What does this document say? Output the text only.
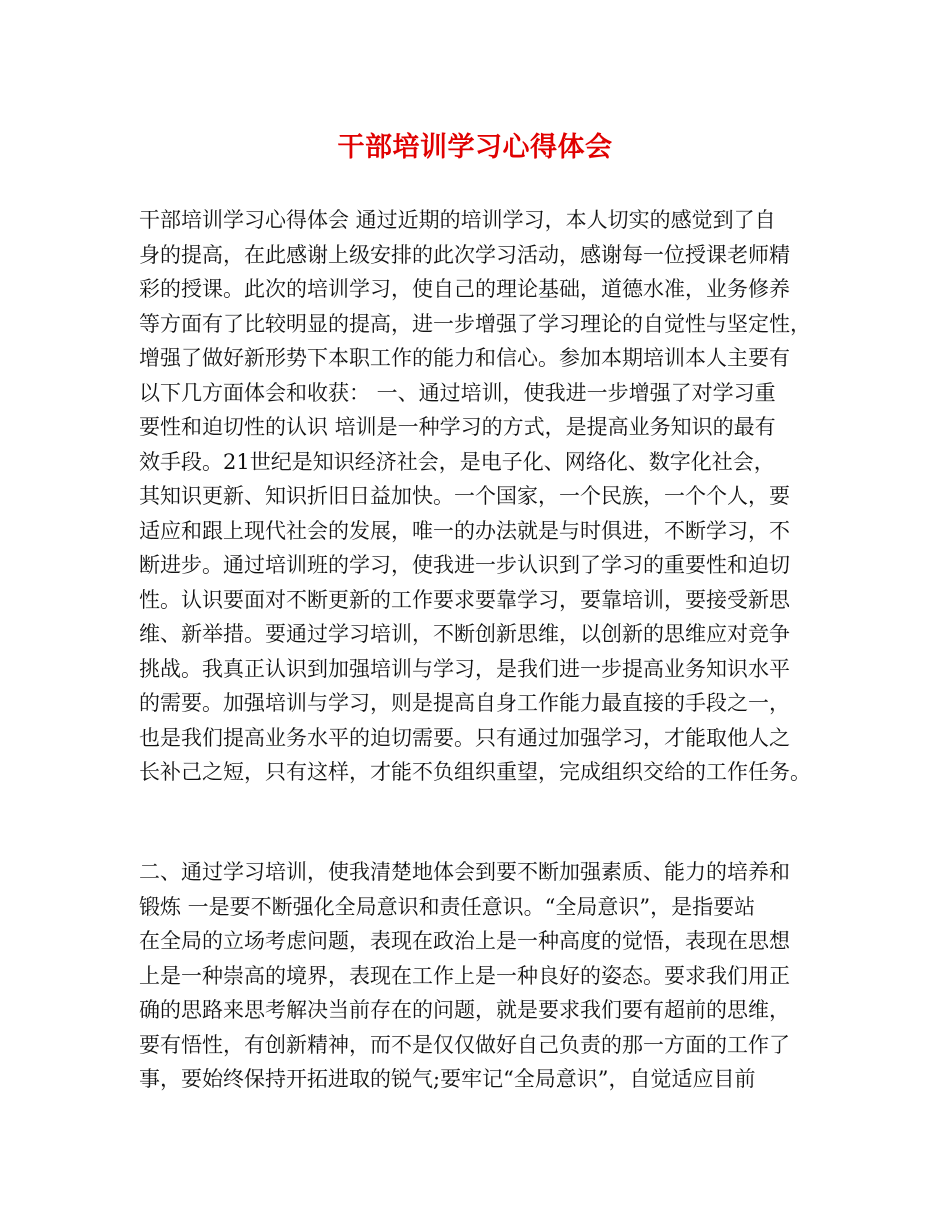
干部培训学习心得体会
干部培训学习心得体会 通过近期的培训学习，本人切实的感觉到了自
身的提高，在此感谢上级安排的此次学习活动，感谢每一位授课老师精
彩的授课。此次的培训学习，使自己的理论基础，道德水准，业务修养
等方面有了比较明显的提高，进一步增强了学习理论的自觉性与坚定性，
增强了做好新形势下本职工作的能力和信心。参加本期培训本人主要有
以下几方面体会和收获： 一、通过培训，使我进一步增强了对学习重
要性和迫切性的认识 培训是一种学习的方式，是提高业务知识的最有
效手段。21世纪是知识经济社会，是电子化、网络化、数字化社会，
其知识更新、知识折旧日益加快。一个国家，一个民族，一个个人，要
适应和跟上现代社会的发展，唯一的办法就是与时俱进，不断学习，不
断进步。通过培训班的学习，使我进一步认识到了学习的重要性和迫切
性。认识要面对不断更新的工作要求要靠学习，要靠培训，要接受新思
维、新举措。要通过学习培训，不断创新思维，以创新的思维应对竞争
挑战。我真正认识到加强培训与学习，是我们进一步提高业务知识水平
的需要。加强培训与学习，则是提高自身工作能力最直接的手段之一，
也是我们提高业务水平的迫切需要。只有通过加强学习，才能取他人之
长补己之短，只有这样，才能不负组织重望，完成组织交给的工作任务。
二、通过学习培训，使我清楚地体会到要不断加强素质、能力的培养和
锻炼 一是要不断强化全局意识和责任意识。“全局意识”，是指要站
在全局的立场考虑问题，表现在政治上是一种高度的觉悟，表现在思想
上是一种崇高的境界，表现在工作上是一种良好的姿态。要求我们用正
确的思路来思考解决当前存在的问题，就是要求我们要有超前的思维，
要有悟性，有创新精神，而不是仅仅做好自己负责的那一方面的工作了
事，要始终保持开拓进取的锐气;要牢记“全局意识”，自觉适应目前
